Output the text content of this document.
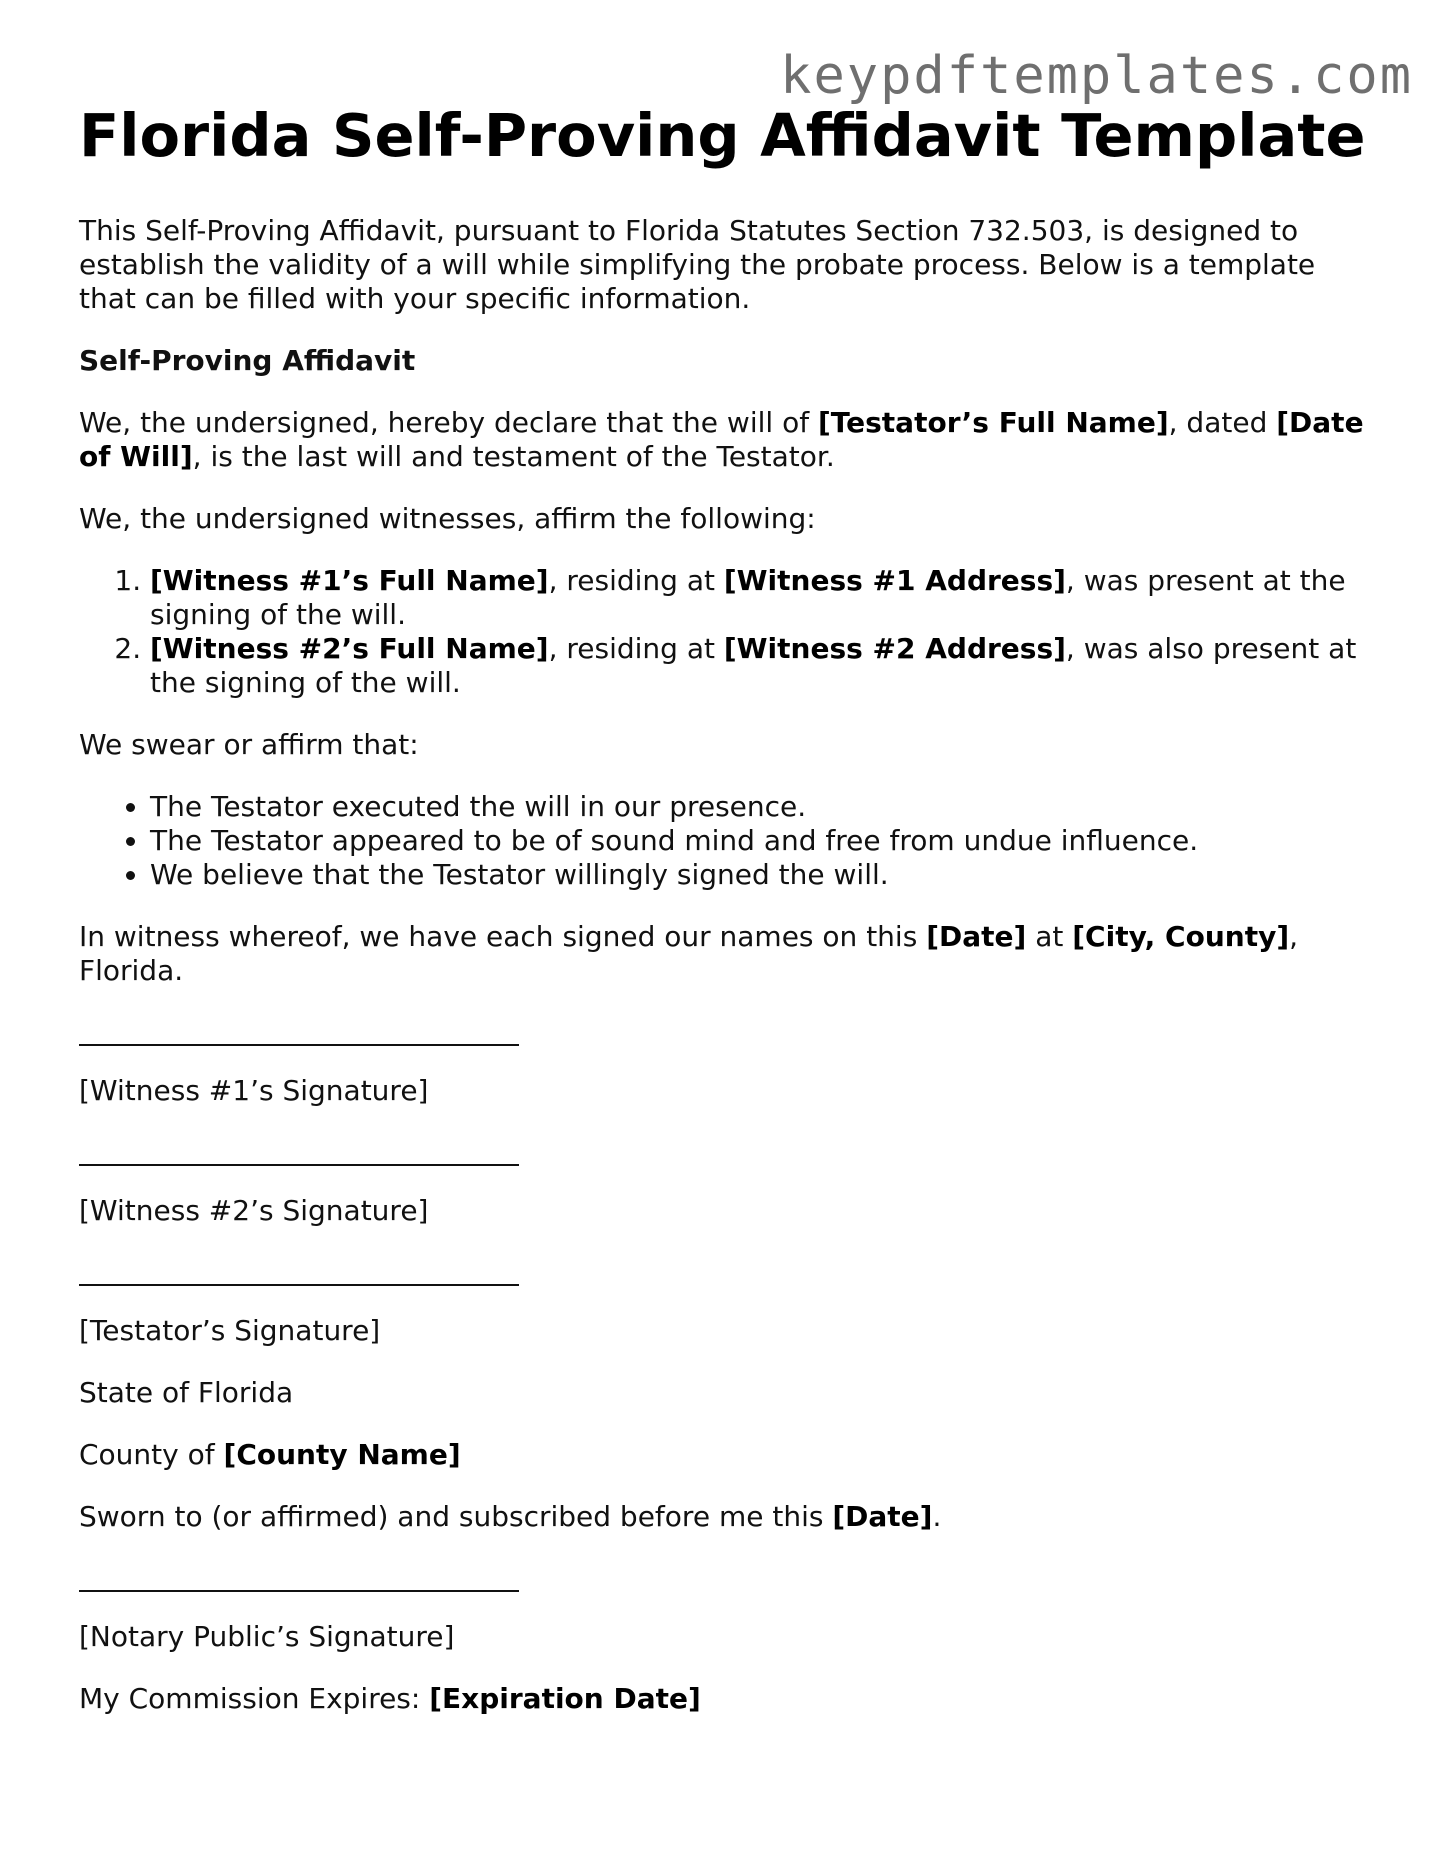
keypdftemplates.com
Florida Self-Proving Affidavit Template

This Self-Proving Affidavit, pursuant to Florida Statutes Section 732.503, is designed to establish the validity of a will while simplifying the probate process. Below is a template that can be filled with your specific information.

Self-Proving Affidavit

We, the undersigned, hereby declare that the will of [Testator’s Full Name], dated [Date of Will], is the last will and testament of the Testator.

We, the undersigned witnesses, affirm the following:

1. [Witness #1’s Full Name], residing at [Witness #1 Address], was present at the signing of the will.
2. [Witness #2’s Full Name], residing at [Witness #2 Address], was also present at the signing of the will.

We swear or affirm that:

• The Testator executed the will in our presence.
• The Testator appeared to be of sound mind and free from undue influence.
• We believe that the Testator willingly signed the will.

In witness whereof, we have each signed our names on this [Date] at [City, County], Florida.

[Witness #1’s Signature]

[Witness #2’s Signature]

[Testator’s Signature]

State of Florida

County of [County Name]

Sworn to (or affirmed) and subscribed before me this [Date].

[Notary Public’s Signature]

My Commission Expires: [Expiration Date]
